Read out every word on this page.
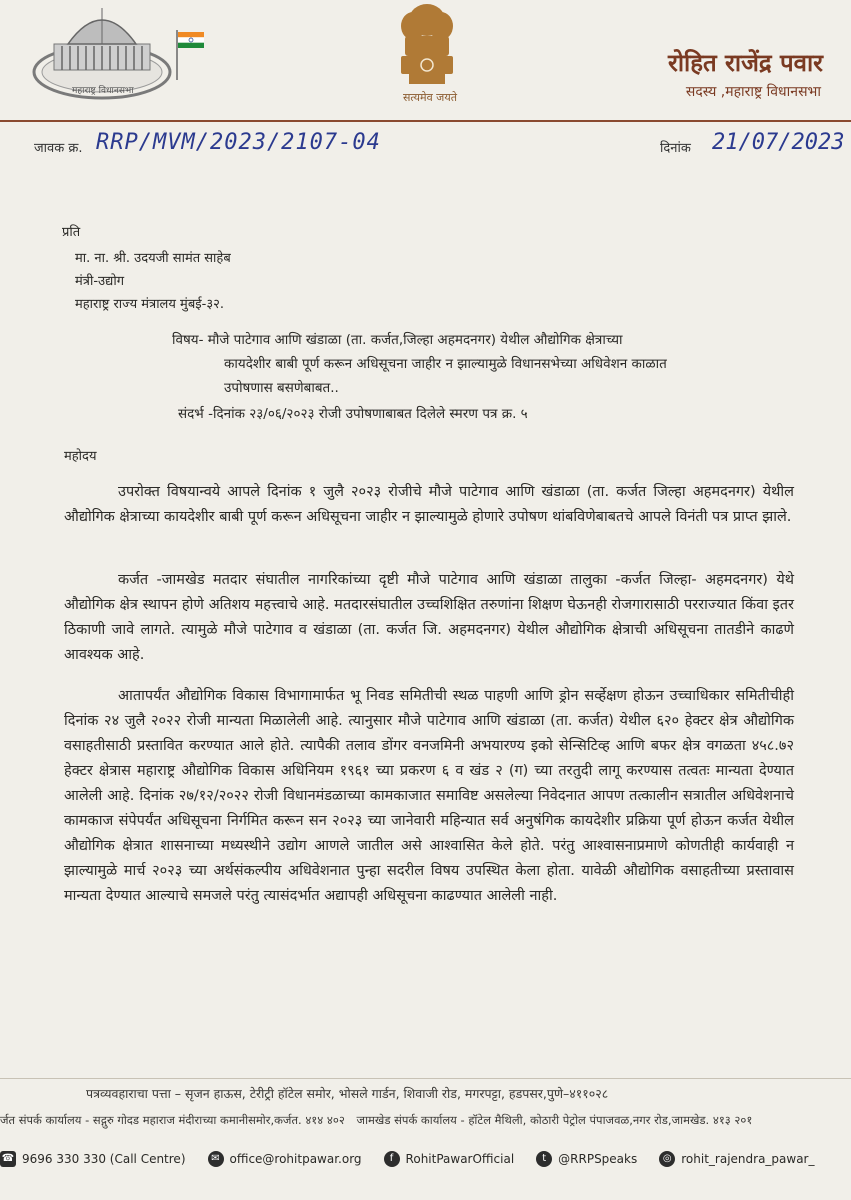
महाराष्ट्र विधानसभा	सत्यमेव जयते
रोहित राजेंद्र पवार
सदस्य ,महाराष्ट्र विधानसभा
जावक क्र. RRP/MVM/2023/2107-04	दिनांक 21/07/2023
प्रति
मा. ना. श्री. उदयजी सामंत साहेब
मंत्री-उद्योग
महाराष्ट्र राज्य मंत्रालय मुंबई-३२.
विषय- मौजे पाटेगाव आणि खंडाळा (ता. कर्जत,जिल्हा अहमदनगर) येथील औद्योगिक क्षेत्राच्या
कायदेशीर बाबी पूर्ण करून अधिसूचना जाहीर न झाल्यामुळे विधानसभेच्या अधिवेशन काळात
उपोषणास बसणेबाबत..
संदर्भ -दिनांक २३/०६/२०२३ रोजी उपोषणाबाबत दिलेले स्मरण पत्र क्र. ५
महोदय
उपरोक्त विषयान्वये आपले दिनांक १ जुलै २०२३ रोजीचे मौजे पाटेगाव आणि खंडाळा (ता. कर्जत जिल्हा अहमदनगर) येथील औद्योगिक क्षेत्राच्या कायदेशीर बाबी पूर्ण करून अधिसूचना जाहीर न झाल्यामुळे होणारे उपोषण थांबविणेबाबतचे आपले विनंती पत्र प्राप्त झाले.
कर्जत -जामखेड मतदार संघातील नागरिकांच्या दृष्टी मौजे पाटेगाव आणि खंडाळा तालुका -कर्जत जिल्हा- अहमदनगर) येथे औद्योगिक क्षेत्र स्थापन होणे अतिशय महत्त्वाचे आहे. मतदारसंघातील उच्चशिक्षित तरुणांना शिक्षण घेऊनही रोजगारासाठी परराज्यात किंवा इतर ठिकाणी जावे लागते. त्यामुळे मौजे पाटेगाव व खंडाळा (ता. कर्जत जि. अहमदनगर) येथील औद्योगिक क्षेत्राची अधिसूचना तातडीने काढणे आवश्यक आहे.
आतापर्यंत औद्योगिक विकास विभागामार्फत भू निवड समितीची स्थळ पाहणी आणि ड्रोन सर्व्हेक्षण होऊन उच्चाधिकार समितीचीही दिनांक २४ जुलै २०२२ रोजी मान्यता मिळालेली आहे. त्यानुसार मौजे पाटेगाव आणि खंडाळा (ता. कर्जत) येथील ६२० हेक्टर क्षेत्र औद्योगिक वसाहतीसाठी प्रस्तावित करण्यात आले होते. त्यापैकी तलाव डोंगर वनजमिनी अभयारण्य इको सेन्सिटिव्ह आणि बफर क्षेत्र वगळता ४५८.७२ हेक्टर क्षेत्रास महाराष्ट्र औद्योगिक विकास अधिनियम १९६१ च्या प्रकरण ६ व खंड २ (ग) च्या तरतुदी लागू करण्यास तत्वतः मान्यता देण्यात आलेली आहे. दिनांक २७/१२/२०२२ रोजी विधानमंडळाच्या कामकाजात समाविष्ट असलेल्या निवेदनात आपण तत्कालीन सत्रातील अधिवेशनाचे कामकाज संपेपर्यंत अधिसूचना निर्गमित करून सन २०२३ च्या जानेवारी महिन्यात सर्व अनुषंगिक कायदेशीर प्रक्रिया पूर्ण होऊन कर्जत येथील औद्योगिक क्षेत्रात शासनाच्या मध्यस्थीने उद्योग आणले जातील असे आश्वासित केले होते. परंतु आश्वासनाप्रमाणे कोणतीही कार्यवाही न झाल्यामुळे मार्च २०२३ च्या अर्थसंकल्पीय अधिवेशनात पुन्हा सदरील विषय उपस्थित केला होता. यावेळी औद्योगिक वसाहतीच्या प्रस्तावास मान्यता देण्यात आल्याचे समजले परंतु त्यासंदर्भात अद्यापही अधिसूचना काढण्यात आलेली नाही.
पत्रव्यवहाराचा पत्ता – सृजन हाऊस, टेरीट्री हॉटेल समोर, भोसले गार्डन, शिवाजी रोड, मगरपट्टा, हडपसर,पुणे–४११०२८
र्जत संपर्क कार्यालय - सद्गुरु गोदड महाराज मंदीराच्या कमानीसमोर,कर्जत. ४१४ ४०२ जामखेड संपर्क कार्यालय - हॉटेल मैथिली, कोठारी पेट्रोल पंपाजवळ,नगर रोड,जामखेड. ४१३ २०१
☎ 9696 330 330 (Call Centre)	✉ office@rohitpawar.org	f	RohitPawarOfficial	t	@RRPSpeaks	◎ rohit_rajendra_pawar_
